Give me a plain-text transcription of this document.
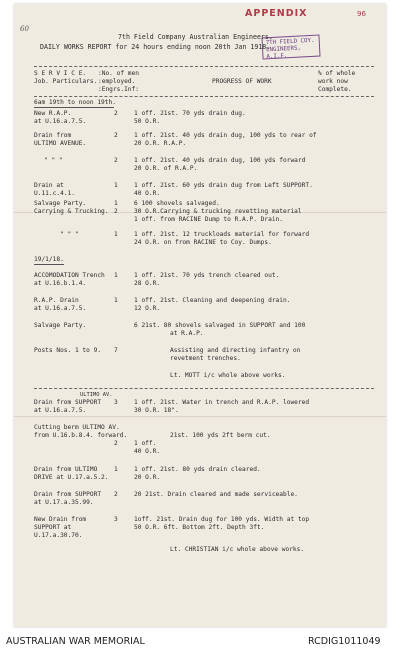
APPENDIX	96
60
7TH FIELD COY.
ENGINEERS, A.I.F.
7th Field Company Australian Engineers.
DAILY WORKS REPORT for 24 hours ending noon 20th Jan 1918.
S E R V I C E.
Job. Particulars.
:No. of men
:employed.
:Engrs.Inf:
PROGRESS OF WORK
% of whole
work now
Complete.
6am 19th to noon 19th.
New R.A.P.
at U.16.a.7.5.
2	1 off. 21st. 70 yds drain dug.
50 O.R.
Drain from
ULTIMO AVENUE.
2	1 off. 21st. 40 yds drain dug, 100 yds to rear of
20 O.R. R.A.P.
" " "	2	1 off. 21st. 40 yds drain dug, 100 yds forward
20 O.R. of R.A.P.
Drain at
U.11.c.4.1.
1	1 off. 21st. 60 yds drain dug from Left SUPPORT.
40 O.R.
Salvage Party.	1	6 100 shovels salvaged.
Carrying & Trucking. 2	30 O.R.Carrying & trucking revetting material
1 off. from RACINE Dump to R.A.P. Drain.
" " "	1	1 off. 21st. 12 truckloads material for forward
24 O.R. on from RACINE to Coy. Dumps.
19/1/18.
ACCOMODATION Trench
at U.16.b.1.4.
1	1 off. 21st. 70 yds trench cleared out.
28 O.R.
R.A.P. Drain
at U.16.a.7.5.
1	1 off. 21st. Cleaning and deepening drain.
12 O.R.
Salvage Party.	6 21st. 80 shovels salvaged in SUPPORT and 100
at R.A.P.
Posts Nos. 1 to 9. 7	Assisting and directing infantry on
revetment trenches.
Lt. MOTT i/c whole above works.
ULTIMO AV.
Drain from SUPPORT
at U.16.a.7.5.
3	1 off. 21st. Water in trench and R.A.P. lowered
30 O.R. 18".
Cutting berm ULTIMO AV.
from U.16.b.8.4. forward.	21st. 100 yds 2ft berm cut.
2	1 off.
40 O.R.
Drain from ULTIMO
DRIVE at U.17.a.5.2.
1	1 off. 21st. 80 yds drain cleared.
20 O.R.
Drain from SUPPORT
at U.17.a.35.99.
2	20 21st. Drain cleared and made serviceable.
New Drain from
SUPPORT at
U.17.a.30.70.
3	1off. 21st. Drain dug for 100 yds. Width at top
50 O.R. 6ft. Bottom 2ft. Depth 3ft.
Lt. CHRISTIAN i/c whole above works.
AUSTRALIAN WAR MEMORIAL	RCDIG1011049
